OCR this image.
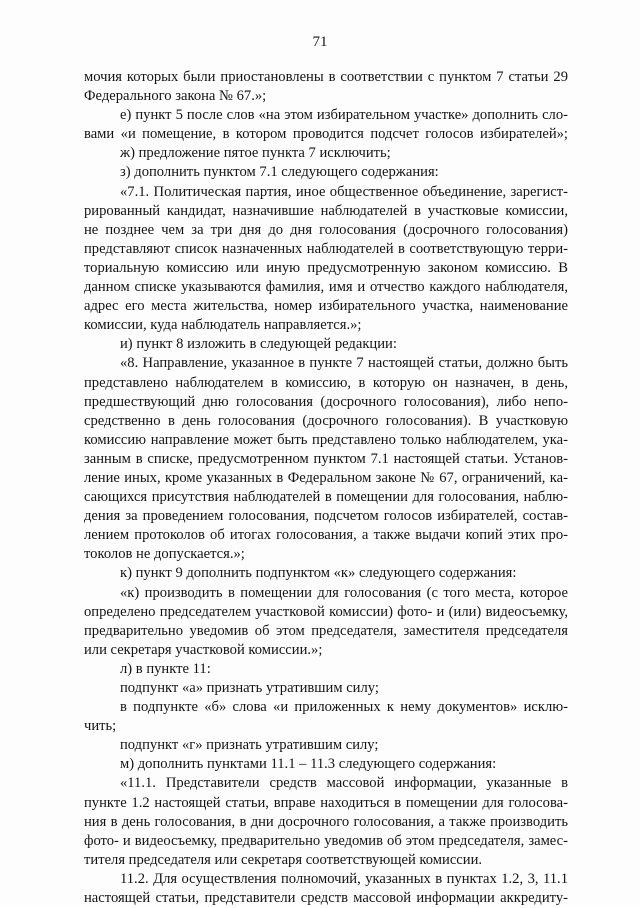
71
мочия которых были приостановлены в соответствии с пунктом 7 статьи 29
Федерального закона № 67.»;
е) пункт 5 после слов «на этом избирательном участке» дополнить сло-
вами «и помещение, в котором проводится подсчет голосов избирателей»;
ж) предложение пятое пункта 7 исключить;
з) дополнить пунктом 7.1 следующего содержания:
«7.1. Политическая партия, иное общественное объединение, зарегист-
рированный кандидат, назначившие наблюдателей в участковые комиссии,
не позднее чем за три дня до дня голосования (досрочного голосования)
представляют список назначенных наблюдателей в соответствующую терри-
ториальную комиссию или иную предусмотренную законом комиссию. В
данном списке указываются фамилия, имя и отчество каждого наблюдателя,
адрес его места жительства, номер избирательного участка, наименование
комиссии, куда наблюдатель направляется.»;
и) пункт 8 изложить в следующей редакции:
«8. Направление, указанное в пункте 7 настоящей статьи, должно быть
представлено наблюдателем в комиссию, в которую он назначен, в день,
предшествующий дню голосования (досрочного голосования), либо непо-
средственно в день голосования (досрочного голосования). В участковую
комиссию направление может быть представлено только наблюдателем, ука-
занным в списке, предусмотренном пунктом 7.1 настоящей статьи. Установ-
ление иных, кроме указанных в Федеральном законе № 67, ограничений, ка-
сающихся присутствия наблюдателей в помещении для голосования, наблю-
дения за проведением голосования, подсчетом голосов избирателей, состав-
лением протоколов об итогах голосования, а также выдачи копий этих про-
токолов не допускается.»;
к) пункт 9 дополнить подпунктом «к» следующего содержания:
«к) производить в помещении для голосования (с того места, которое
определено председателем участковой комиссии) фото- и (или) видеосъемку,
предварительно уведомив об этом председателя, заместителя председателя
или секретаря участковой комиссии.»;
л) в пункте 11:
подпункт «а» признать утратившим силу;
в подпункте «б» слова «и приложенных к нему документов» исклю-
чить;
подпункт «г» признать утратившим силу;
м) дополнить пунктами 11.1 – 11.3 следующего содержания:
«11.1. Представители средств массовой информации, указанные в
пункте 1.2 настоящей статьи, вправе находиться в помещении для голосова-
ния в день голосования, в дни досрочного голосования, а также производить
фото- и видеосъемку, предварительно уведомив об этом председателя, замес-
тителя председателя или секретаря соответствующей комиссии.
11.2. Для осуществления полномочий, указанных в пунктах 1.2, 3, 11.1
настоящей статьи, представители средств массовой информации аккредиту-
